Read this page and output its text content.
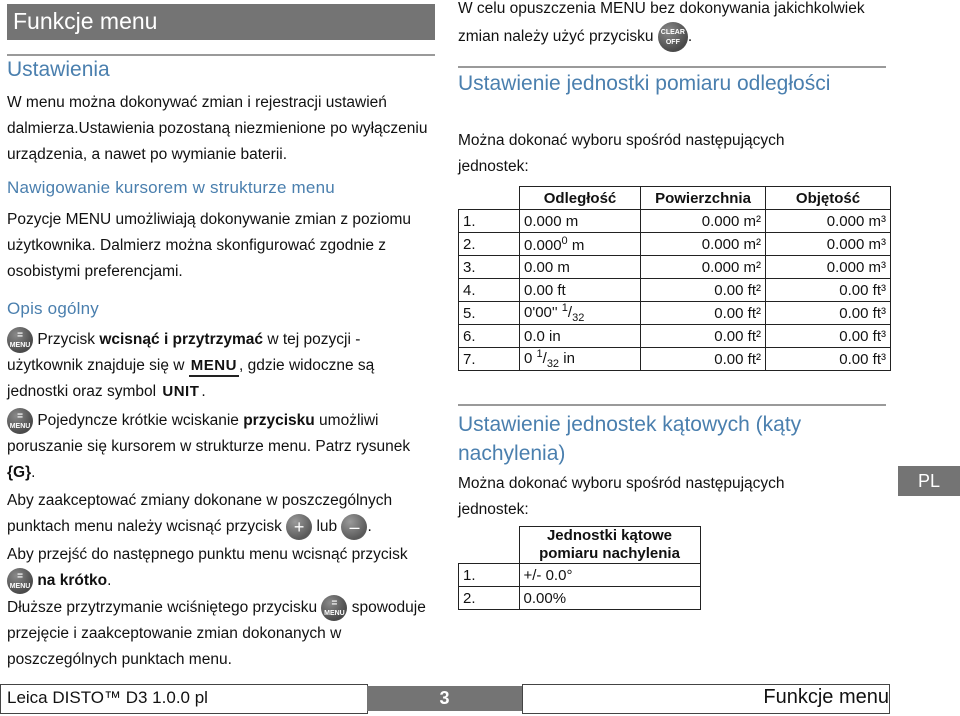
Funkcje menu
Ustawienia
W menu można dokonywać zmian i rejestracji ustawień dalmierza.Ustawienia pozostaną niezmienione po wyłączeniu urządzenia, a nawet po wymianie baterii.
Nawigowanie kursorem w strukturze menu
Pozycje MENU umożliwiają dokonywanie zmian z poziomu użytkownika. Dalmierz można skonfigurować zgodnie z osobistymi preferencjami.
Opis ogólny
=
MENU Przycisk wcisnąć i przytrzymać w tej pozycji - użytkownik znajduje się w MENU , gdzie widoczne są jednostki oraz symbol UNIT .
=
MENU Pojedyncze krótkie wciskanie przycisku umożliwi poruszanie się kursorem w strukturze menu. Patrz rysunek {G}.
Aby zaakceptować zmiany dokonane w poszczególnych punktach menu należy wcisnąć przycisk + lub – .
Aby przejść do następnego punktu menu wcisnąć przycisk
=
MENU na krótko.
Dłuższe przytrzymanie wciśniętego przycisku	=
MENU spowoduje przejęcie i zaakceptowanie zmian dokonanych w poszczególnych punktach menu.
W celu opuszczenia MENU bez dokonywania jakichkolwiek zmian należy użyć przycisku	CLEAR
OFF .
Ustawienie jednostki pomiaru odległości
Można dokonać wyboru spośród następujących jednostek:
	Odległość	Powierzchnia	Objętość
1.	0.000 m	0.000 m²	0.000 m³
2.	0.000$^0$ m	0.000 m²	0.000 m³
3.	0.00 m	0.000 m²	0.000 m³
4.	0.00 ft	0.00 ft²	0.00 ft³
5.	0'00'' $^1/_{32}$	0.00 ft²	0.00 ft³
6.	0.0 in	0.00 ft²	0.00 ft³
7.	0 $^1/_{32}$ in	0.00 ft²	0.00 ft³
Ustawienie jednostek kątowych (kąty nachylenia)
Można dokonać wyboru spośród następujących jednostek:
	Jednostki kątowe pomiaru nachylenia
1.	+/- 0.0°
2.	0.00%
PL
Leica DISTO™ D3 1.0.0 pl	3	Funkcje menu
